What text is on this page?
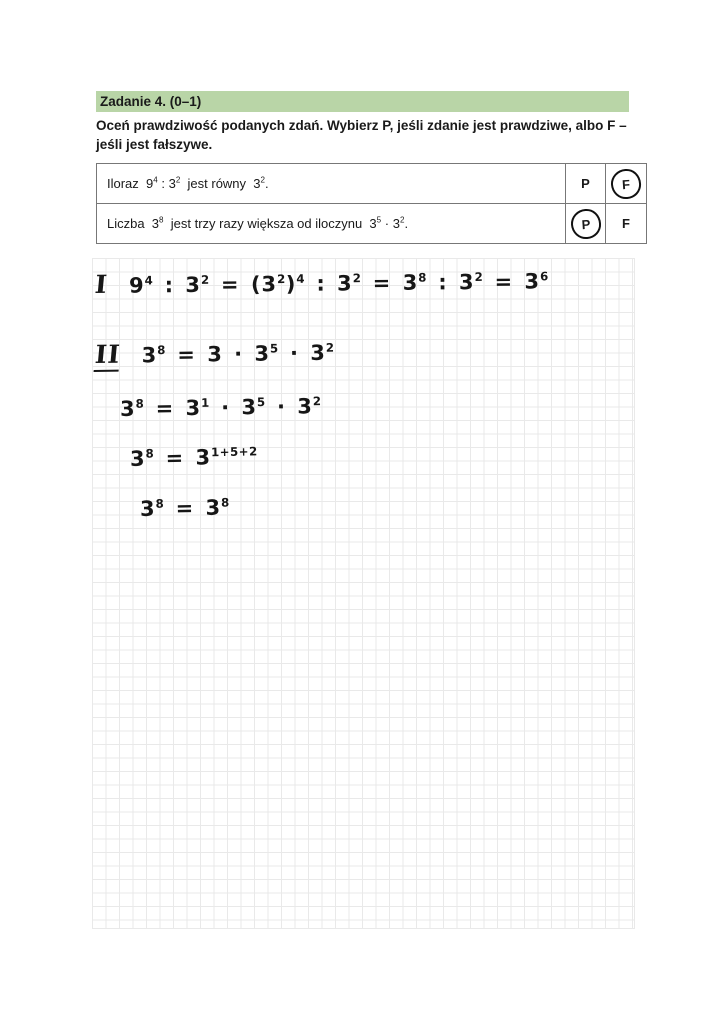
Zadanie 4. (0–1)
Oceń prawdziwość podanych zdań. Wybierz P, jeśli zdanie jest prawdziwe, albo F –
jeśli jest fałszywe.
Iloraz  $9^4$ : $3^2$  jest równy  $3^2$.	P	F
Liczba  $3^8$  jest trzy razy większa od iloczynu  $3^5 \cdot 3^2$.	P	F
I $9^4$ : $3^2 = (3^2)^4$ : $3^2 = 3^8$ : $3^2 = 3^6$
II $3^8 = 3 \cdot 3^5 \cdot 3^2$
$3^8 = 3^1 \cdot 3^5 \cdot 3^2$
$3^8 = 3^{1+5+2}$
$3^8 = 3^8$
